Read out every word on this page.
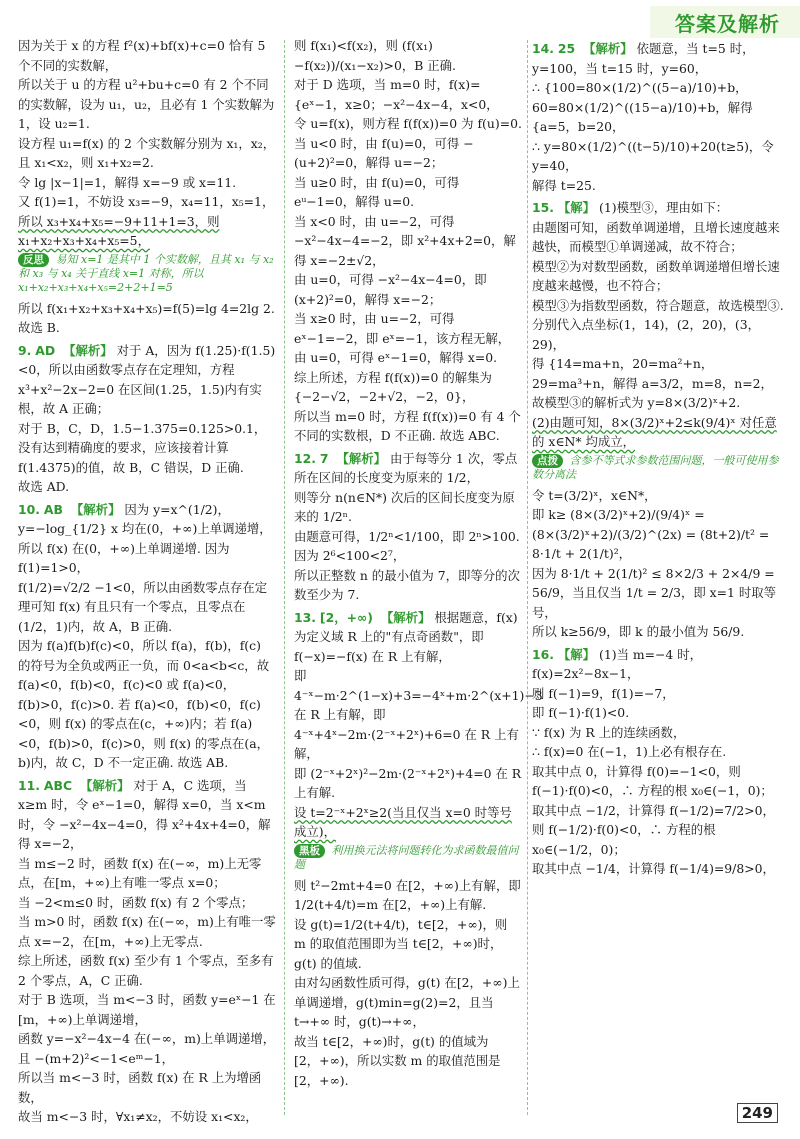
答案及解析
因为关于 x 的方程 f²(x)+bf(x)+c=0 恰有 5 个不同的实数解，
所以关于 u 的方程 u²+bu+c=0 有 2 个不同的实数解，设为 u₁，u₂，且必有 1 个实数解为 1，设 u₂=1.
设方程 u₁=f(x) 的 2 个实数解分别为 x₁，x₂，且 x₁<x₂，则 x₁+x₂=2.
令 lg |x−1|=1，解得 x=−9 或 x=11.
又 f(1)=1，不妨设 x₃=−9，x₄=11，x₅=1，
所以 x₃+x₄+x₅=−9+11+1=3，则 x₁+x₂+x₃+x₄+x₅=5，
反思 易知 x=1 是其中 1 个实数解，且其 x₁ 与 x₂ 和 x₃ 与 x₄ 关于直线 x=1 对称，所以 x₁+x₂+x₃+x₄+x₅=2+2+1=5
所以 f(x₁+x₂+x₃+x₄+x₅)=f(5)=lg 4=2lg 2. 故选 B.
9. AD 【解析】 对于 A，因为 f(1.25)·f(1.5)<0，所以由函数零点存在定理知，方程 x³+x²−2x−2=0 在区间(1.25，1.5)内有实根，故 A 正确；
对于 B，C，D，1.5−1.375=0.125>0.1，没有达到精确度的要求，应该接着计算 f(1.4375)的值，故 B，C 错误，D 正确.
故选 AD.
10. AB 【解析】 因为 y=x^(1/2)，y=−log_{1/2} x 均在(0，+∞)上单调递增，所以 f(x) 在(0，+∞)上单调递增. 因为 f(1)=1>0，
f(1/2)=√2/2 −1<0，所以由函数零点存在定理可知 f(x) 有且只有一个零点，且零点在(1/2，1)内，故 A，B 正确.
因为 f(a)f(b)f(c)<0，所以 f(a)，f(b)，f(c) 的符号为全负或两正一负，而 0<a<b<c，故 f(a)<0，f(b)<0，f(c)<0 或 f(a)<0，f(b)>0，f(c)>0. 若 f(a)<0，f(b)<0，f(c)<0，则 f(x) 的零点在(c，+∞)内；若 f(a)<0，f(b)>0，f(c)>0，则 f(x) 的零点在(a，b)内，故 C，D 不一定正确. 故选 AB.
11. ABC 【解析】 对于 A，C 选项，当 x≥m 时，令 eˣ−1=0，解得 x=0，当 x<m 时，令 −x²−4x−4=0，得 x²+4x+4=0，解得 x=−2，
当 m≤−2 时，函数 f(x) 在(−∞，m)上无零点，在[m，+∞)上有唯一零点 x=0；
当 −2<m≤0 时，函数 f(x) 有 2 个零点；
当 m>0 时，函数 f(x) 在(−∞，m)上有唯一零点 x=−2，在[m，+∞)上无零点.
综上所述，函数 f(x) 至少有 1 个零点，至多有 2 个零点，A，C 正确.
对于 B 选项，当 m<−3 时，函数 y=eˣ−1 在[m，+∞)上单调递增，
函数 y=−x²−4x−4 在(−∞，m)上单调递增，且 −(m+2)²<−1<eᵐ−1，
所以当 m<−3 时，函数 f(x) 在 R 上为增函数，
故当 m<−3 时，∀x₁≠x₂，不妨设 x₁<x₂，
则 f(x₁)<f(x₂)，则 (f(x₁)−f(x₂))/(x₁−x₂)>0，B 正确.
对于 D 选项，当 m=0 时，f(x)={eˣ−1，x≥0；−x²−4x−4，x<0，
令 u=f(x)，则方程 f(f(x))=0 为 f(u)=0.
当 u<0 时，由 f(u)=0，可得 −(u+2)²=0，解得 u=−2；
当 u≥0 时，由 f(u)=0，可得 eᵘ−1=0，解得 u=0.
当 x<0 时，由 u=−2，可得 −x²−4x−4=−2，即 x²+4x+2=0，解得 x=−2±√2，
由 u=0，可得 −x²−4x−4=0，即(x+2)²=0，解得 x=−2；
当 x≥0 时，由 u=−2，可得 eˣ−1=−2，即 eˣ=−1，该方程无解，
由 u=0，可得 eˣ−1=0，解得 x=0.
综上所述，方程 f(f(x))=0 的解集为{−2−√2，−2+√2，−2，0}，
所以当 m=0 时，方程 f(f(x))=0 有 4 个不同的实数根，D 不正确. 故选 ABC.
12. 7 【解析】 由于每等分 1 次，零点所在区间的长度变为原来的 1/2，
则等分 n(n∈N*) 次后的区间长度变为原来的 1/2ⁿ.
由题意可得，1/2ⁿ<1/100，即 2ⁿ>100.
因为 2⁶<100<2⁷，
所以正整数 n 的最小值为 7，即等分的次数至少为 7.
13. [2，+∞) 【解析】 根据题意，f(x) 为定义域 R 上的"有点奇函数"，即 f(−x)=−f(x) 在 R 上有解，
即 4⁻ˣ−m·2^(1−x)+3=−4ˣ+m·2^(x+1)−3 在 R 上有解，即 4⁻ˣ+4ˣ−2m·(2⁻ˣ+2ˣ)+6=0 在 R 上有解，
即 (2⁻ˣ+2ˣ)²−2m·(2⁻ˣ+2ˣ)+4=0 在 R 上有解.
设 t=2⁻ˣ+2ˣ≥2(当且仅当 x=0 时等号成立)，
黑板 利用换元法将问题转化为求函数最值问题
则 t²−2mt+4=0 在[2，+∞)上有解，即 1/2(t+4/t)=m 在[2，+∞)上有解.
设 g(t)=1/2(t+4/t)，t∈[2，+∞)，则 m 的取值范围即为当 t∈[2，+∞)时，g(t) 的值域.
由对勾函数性质可得，g(t) 在[2，+∞)上单调递增，g(t)min=g(2)=2，且当 t→+∞ 时，g(t)→+∞，
故当 t∈[2，+∞)时，g(t) 的值域为[2，+∞)，所以实数 m 的取值范围是[2，+∞).
14. 25 【解析】 依题意，当 t=5 时，y=100，当 t=15 时，y=60，
∴ {100=80×(1/2)^((5−a)/10)+b，60=80×(1/2)^((15−a)/10)+b，解得 {a=5，b=20，
∴ y=80×(1/2)^((t−5)/10)+20(t≥5)，令 y=40，
解得 t=25.
15. 【解】 (1)模型③，理由如下：
由题图可知，函数单调递增，且增长速度越来越快，而模型①单调递减，故不符合；
模型②为对数型函数，函数单调递增但增长速度越来越慢，也不符合；
模型③为指数型函数，符合题意，故选模型③. 分别代入点坐标(1，14)，(2，20)，(3，29)，
得 {14=ma+n，20=ma²+n，29=ma³+n，解得 a=3/2，m=8，n=2，
故模型③的解析式为 y=8×(3/2)ˣ+2.
(2)由题可知，8×(3/2)ˣ+2≤k(9/4)ˣ 对任意的 x∈N* 均成立，
点拨 含参不等式求参数范围问题，一般可使用参数分离法
令 t=(3/2)ˣ，x∈N*，
即 k≥ (8×(3/2)ˣ+2)/(9/4)ˣ = (8×(3/2)ˣ+2)/(3/2)^(2x) = (8t+2)/t² = 8·1/t + 2(1/t)²，
因为 8·1/t + 2(1/t)² ≤ 8×2/3 + 2×4/9 = 56/9，当且仅当 1/t = 2/3，即 x=1 时取等号，
所以 k≥56/9，即 k 的最小值为 56/9.
16. 【解】 (1)当 m=−4 时，f(x)=2x²−8x−1，
则 f(−1)=9，f(1)=−7，
即 f(−1)·f(1)<0.
∵ f(x) 为 R 上的连续函数，
∴ f(x)=0 在(−1，1)上必有根存在.
取其中点 0，计算得 f(0)=−1<0，则 f(−1)·f(0)<0，∴ 方程的根 x₀∈(−1，0)；
取其中点 −1/2，计算得 f(−1/2)=7/2>0，
则 f(−1/2)·f(0)<0，∴ 方程的根 x₀∈(−1/2，0)；
取其中点 −1/4，计算得 f(−1/4)=9/8>0，
249
